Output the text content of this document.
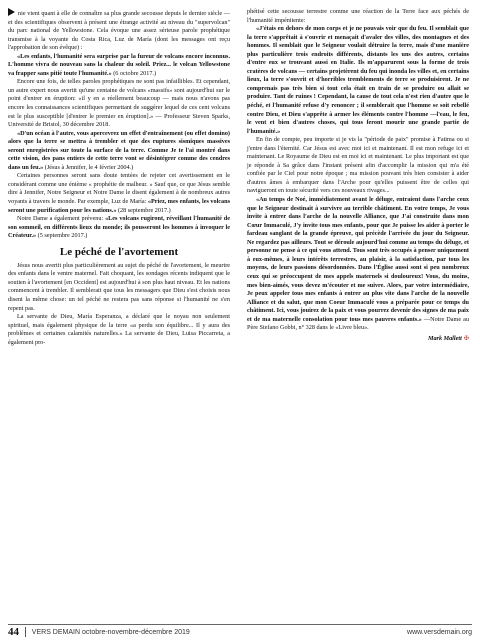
nie vient quant à elle de connaître sa plus grande secousse depuis le dernier siècle — et des scientifiques observent à présent une étrange activité au niveau du "supervolcan" du parc national de Yellowstone. Cela évoque une assez sérieuse parole prophétique transmise à la voyante du Costa Rica, Luz de María (dont les messages ont reçu l'approbation de son évêque) :

«Les enfants, l'humanité sera surprise par la fureur de volcans encore inconnus. L'homme vivra de nouveau sans la chaleur du soleil. Priez... le volcan Yellowstone va frapper sans pitié toute l'humanité.» (6 octobre 2017.)

Encore une fois, de telles paroles prophétiques ne sont pas infaillibles. Et cependant, un autre expert nous avertit qu'une centaine de volcans «massifs» sont aujourd'hui sur le point d'entrer en éruption: «il y en a réellement beaucoup — mais nous n'avons pas encore les connaissances scientifiques permettant de suggérer lequel de ces cent volcans est le plus susceptible [d'entrer le premier en éruption].» — Professeur Steven Sparks, Université de Bristol, 30 décembre 2018.

«D'un océan à l'autre, vous apercevrez un effet d'entraînement (ou effet domino) alors que la terre se mettra à trembler et que des ruptures sismiques massives seront enregistrées sur toute la surface de la terre. Comme Je te l'ai montré dans cette vision, des pans entiers de cette terre vont se désintégrer comme des cendres dans un feu.» (Jésus à Jennifer, le 4 février 2004.)

Certaines personnes seront sans doute tentées de rejeter cet avertissement en le considérant comme une énième « prophétie de malheur. » Sauf que, ce que Jésus semble dire à Jennifer, Notre Seigneur et Notre Dame le disent également à de nombreux autres voyants à travers le monde. Par exemple, Luz de María: «Priez, mes enfants, les volcans seront une purification pour les nations.» (28 septembre 2017.)

Notre Dame a également prévenu: «Les volcans rugiront, réveillant l'humanité de son sommeil, en différents lieux du monde; ils pousseront les hommes à invoquer le Créateur.» (5 septembre 2017.)

Le péché de l'avortement

Jésus nous avertit plus particulièrement au sujet du péché de l'avortement, le meurtre des enfants dans le ventre maternel. Fait choquant, les sondages récents indiquent que le soutien à l'avortement [en Occident] est aujourd'hui à son plus haut niveau. Et les nations commencent à trembler. Il semblerait que tous les messagers que Dieu s'est choisis nous disent la même chose: un tel péché ne restera pas sans réponse si l'humanité ne s'en repent pas.

La servante de Dieu, María Esperanza, a déclaré que le noyau non seulement spirituel, mais également physique de la terre «a perdu son équilibre... Il y aura des problèmes et certaines calamités naturelles.» La servante de Dieu, Luisa Piccarreta, a également pro-

phétisé cette secousse terrestre comme une réaction de la Terre face aux péchés de l'humanité impénitente:

«J'étais en dehors de mon corps et je ne pouvais voir que du feu. Il semblait que la terre s'apprêtait à s'ouvrir et menaçait d'avaler des villes, des montagnes et des hommes. Il semblait que le Seigneur voulait détruire la terre, mais d'une manière plus particulière trois endroits différents, distants les uns des autres, certains d'entre eux se trouvant aussi en Italie. Ils m'apparurent sous la forme de trois cratères de volcans — certains projetèrent du feu qui inonda les villes et, en certains lieux, la terre s'ouvrit et d'horribles tremblements de terre se produisirent. Je ne comprenais pas très bien si tout cela était en train de se produire ou allait se produire. Tant de ruines ! Cependant, la cause de tout cela n'est rien d'autre que le péché, et l'humanité refuse d'y renoncer ; il semblerait que l'homme se soit rebellé contre Dieu, et Dieu s'apprête à armer les éléments contre l'homme —l'eau, le feu, le vent et bien d'autres choses, qui tous feront mourir une grande partie de l'humanité.»

En fin de compte, peu importe si je vis la "période de paix" promise à Fatima ou si j'entre dans l'éternité. Car Jésus est avec moi ici et maintenant. Il est mon refuge ici et maintenant. Le Royaume de Dieu est en moi ici et maintenant. Le plus important est que je réponde à Sa grâce dans l'instant présent afin d'accomplir la mission qui m'a été confiée par le Ciel pour notre époque ; ma mission pouvant très bien consister à aider d'autres âmes à embarquer dans l'Arche pour qu'elles puissent être de celles qui navigueront en toute sécurité vers ces nouveaux rivages...

«Au temps de Noé, immédiatement avant le déluge, entraient dans l'arche ceux que le Seigneur destinait à survivre au terrible châtiment. En votre temps, Je vous invite à entrer dans l'arche de la nouvelle Alliance, que J'ai construite dans mon Cœur Immaculé, J'y invite tous mes enfants, pour que Je puisse les aider à porter le fardeau sanglant de la grande épreuve, qui précède l'arrivée du jour du Seigneur. Ne regardez pas ailleurs. Tout se déroule aujourd'hui comme au temps du déluge, et personne ne pense à ce qui vous attend. Tous sont très occupés à penser uniquement à eux-mêmes, à leurs intérêts terrestres, au plaisir, à la satisfaction, par tous les moyens, de leurs passions désordonnées. Dans l'Église aussi sont si peu nombreux ceux qui se préoccupent de mes appels maternels si douloureux! Vous, du moins, mes bien-aimés, vous devez m'écouter et me suivre. Alors, par votre intermédiaire, Je peux appeler tous mes enfants à entrer au plus vite dans l'arche de la nouvelle Alliance et du salut, que mon Coeur Immaculé vous a préparée pour ce temps du châtiment. Ici, vous jouirez de la paix et vous pourrez devenir des signes de ma paix et de ma maternelle consolation pour tous mes pauvres enfants.» —Notre Dame au Père Stefano Gobbi, n° 328 dans le «Livre bleu».

Mark Mallett ✠
44 VERS DEMAIN
octobre-novembre-décembre 2019	www.versdemain.org
